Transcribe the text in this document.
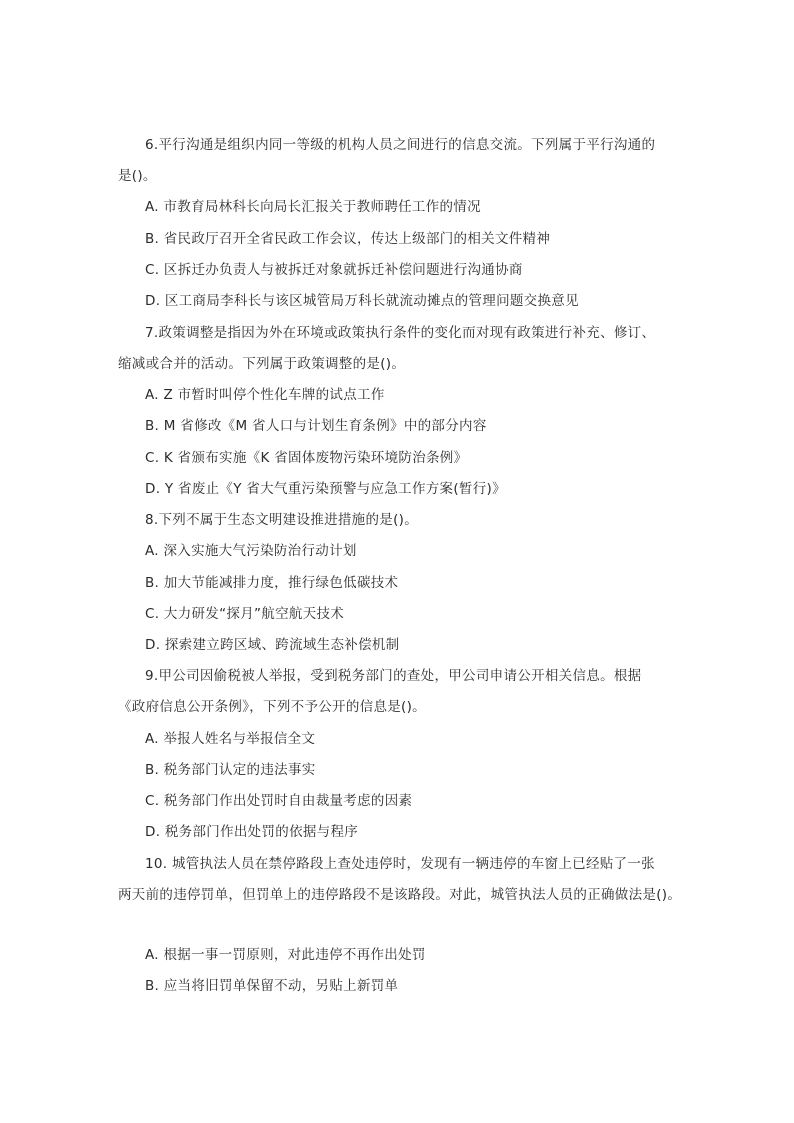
6.平行沟通是组织内同一等级的机构人员之间进行的信息交流。下列属于平行沟通的
是()。
A. 市教育局林科长向局长汇报关于教师聘任工作的情况
B. 省民政厅召开全省民政工作会议，传达上级部门的相关文件精神
C. 区拆迁办负责人与被拆迁对象就拆迁补偿问题进行沟通协商
D. 区工商局李科长与该区城管局万科长就流动摊点的管理问题交换意见
7.政策调整是指因为外在环境或政策执行条件的变化而对现有政策进行补充、修订、
缩减或合并的活动。下列属于政策调整的是()。
A. Z 市暂时叫停个性化车牌的试点工作
B. M 省修改《M 省人口与计划生育条例》中的部分内容
C. K 省颁布实施《K 省固体废物污染环境防治条例》
D. Y 省废止《Y 省大气重污染预警与应急工作方案(暂行)》
8.下列不属于生态文明建设推进措施的是()。
A. 深入实施大气污染防治行动计划
B. 加大节能减排力度，推行绿色低碳技术
C. 大力研发“探月”航空航天技术
D. 探索建立跨区域、跨流域生态补偿机制
9.甲公司因偷税被人举报，受到税务部门的查处，甲公司申请公开相关信息。根据
《政府信息公开条例》，下列不予公开的信息是()。
A. 举报人姓名与举报信全文
B. 税务部门认定的违法事实
C. 税务部门作出处罚时自由裁量考虑的因素
D. 税务部门作出处罚的依据与程序
10. 城管执法人员在禁停路段上查处违停时，发现有一辆违停的车窗上已经贴了一张
两天前的违停罚单，但罚单上的违停路段不是该路段。对此，城管执法人员的正确做法是()。
A. 根据一事一罚原则，对此违停不再作出处罚
B. 应当将旧罚单保留不动，另贴上新罚单
